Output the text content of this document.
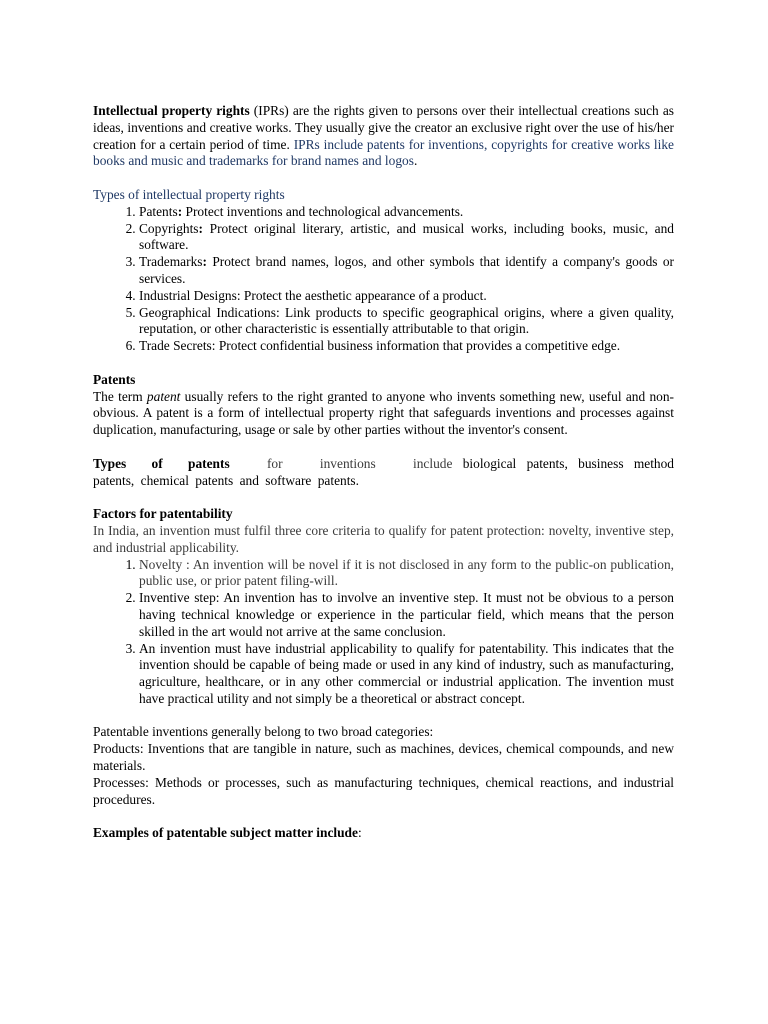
Intellectual property rights (IPRs) are the rights given to persons over their intellectual creations such as ideas, inventions and creative works. They usually give the creator an exclusive right over the use of his/her creation for a certain period of time. IPRs include patents for inventions, copyrights for creative works like books and music and trademarks for brand names and logos.

Types of intellectual property rights

1. Patents: Protect inventions and technological advancements.
2. Copyrights: Protect original literary, artistic, and musical works, including books, music, and software.
3. Trademarks: Protect brand names, logos, and other symbols that identify a company's goods or services.
4. Industrial Designs: Protect the aesthetic appearance of a product.
5. Geographical Indications: Link products to specific geographical origins, where a given quality, reputation, or other characteristic is essentially attributable to that origin.
6. Trade Secrets: Protect confidential business information that provides a competitive edge.

Patents

The term patent usually refers to the right granted to anyone who invents something new, useful and non-obvious. A patent is a form of intellectual property right that safeguards inventions and processes against duplication, manufacturing, usage or sale by other parties without the inventor's consent.

Types of patents for inventions include biological patents, business method patents, chemical patents and software patents.

Factors for patentability

In India, an invention must fulfil three core criteria to qualify for patent protection: novelty, inventive step, and industrial applicability.

1. Novelty : An invention will be novel if it is not disclosed in any form to the public-on publication, public use, or prior patent filing-will.
2. Inventive step: An invention has to involve an inventive step. It must not be obvious to a person having technical knowledge or experience in the particular field, which means that the person skilled in the art would not arrive at the same conclusion.
3. An invention must have industrial applicability to qualify for patentability. This indicates that the invention should be capable of being made or used in any kind of industry, such as manufacturing, agriculture, healthcare, or in any other commercial or industrial application. The invention must have practical utility and not simply be a theoretical or abstract concept.

Patentable inventions generally belong to two broad categories:

Products: Inventions that are tangible in nature, such as machines, devices, chemical compounds, and new materials.

Processes: Methods or processes, such as manufacturing techniques, chemical reactions, and industrial procedures.

Examples of patentable subject matter include:
